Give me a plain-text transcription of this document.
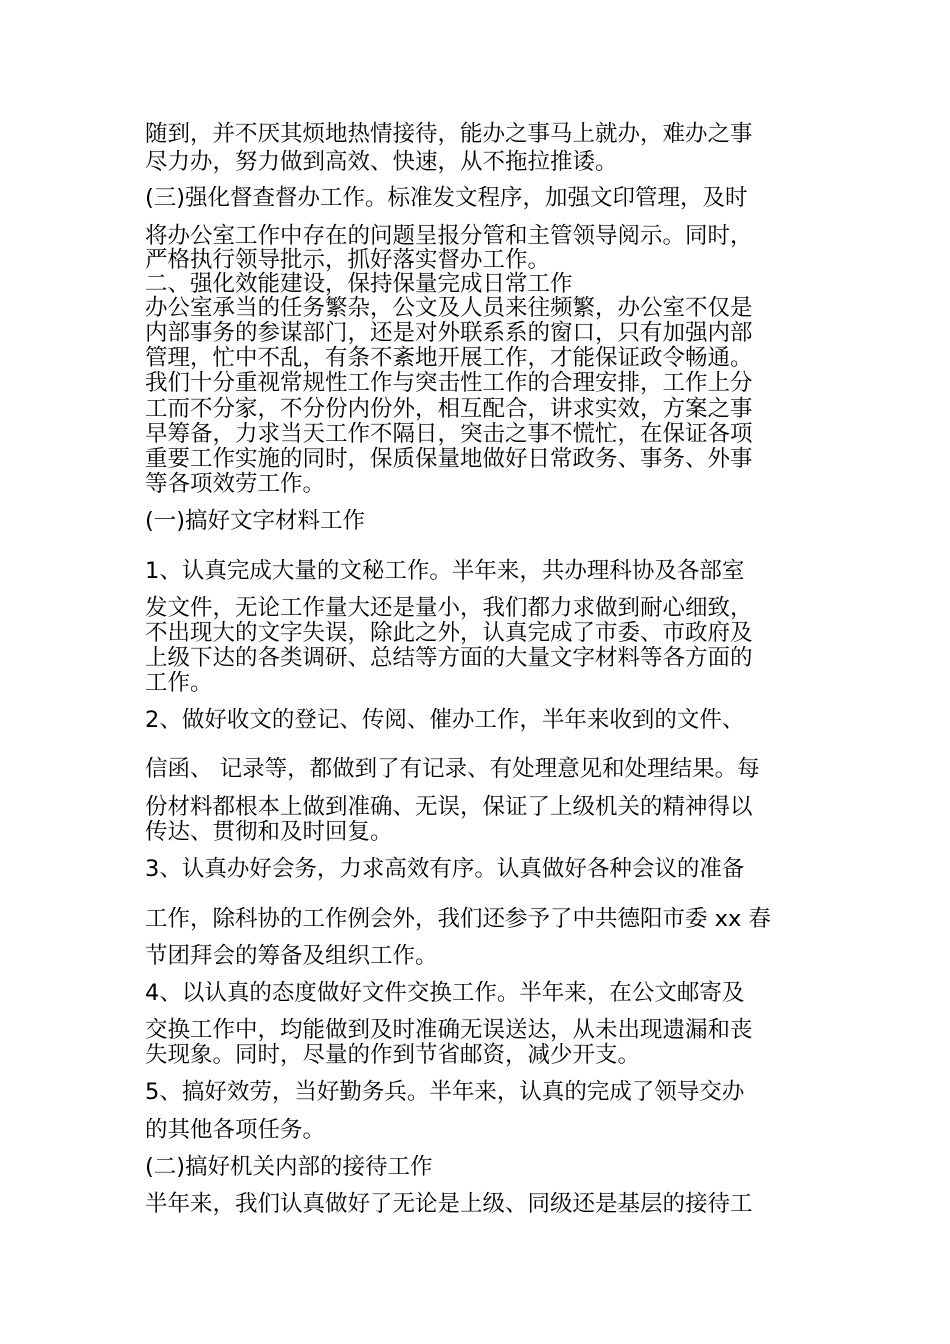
随到，并不厌其烦地热情接待，能办之事马上就办，难办之事
尽力办，努力做到高效、快速，从不拖拉推诿。
(三)强化督查督办工作。标准发文程序，加强文印管理，及时
将办公室工作中存在的问题呈报分管和主管领导阅示。同时，
严格执行领导批示，抓好落实督办工作。
二、强化效能建设，保持保量完成日常工作
办公室承当的任务繁杂，公文及人员来往频繁，办公室不仅是
内部事务的参谋部门，还是对外联系系的窗口，只有加强内部
管理，忙中不乱，有条不紊地开展工作，才能保证政令畅通。
我们十分重视常规性工作与突击性工作的合理安排，工作上分
工而不分家，不分份内份外，相互配合，讲求实效，方案之事
早筹备，力求当天工作不隔日，突击之事不慌忙，在保证各项
重要工作实施的同时，保质保量地做好日常政务、事务、外事
等各项效劳工作。
(一)搞好文字材料工作
1、认真完成大量的文秘工作。半年来，共办理科协及各部室
发文件，无论工作量大还是量小，我们都力求做到耐心细致，
不出现大的文字失误，除此之外，认真完成了市委、市政府及
上级下达的各类调研、总结等方面的大量文字材料等各方面的
工作。
2、做好收文的登记、传阅、催办工作，半年来收到的文件、
信函、 记录等，都做到了有记录、有处理意见和处理结果。每
份材料都根本上做到准确、无误，保证了上级机关的精神得以
传达、贯彻和及时回复。
3、认真办好会务，力求高效有序。认真做好各种会议的准备
工作，除科协的工作例会外，我们还参予了中共德阳市委 xx 春
节团拜会的筹备及组织工作。
4、以认真的态度做好文件交换工作。半年来，在公文邮寄及
交换工作中，均能做到及时准确无误送达，从未出现遗漏和丧
失现象。同时，尽量的作到节省邮资，减少开支。
5、搞好效劳，当好勤务兵。半年来，认真的完成了领导交办
的其他各项任务。
(二)搞好机关内部的接待工作
半年来，我们认真做好了无论是上级、同级还是基层的接待工
